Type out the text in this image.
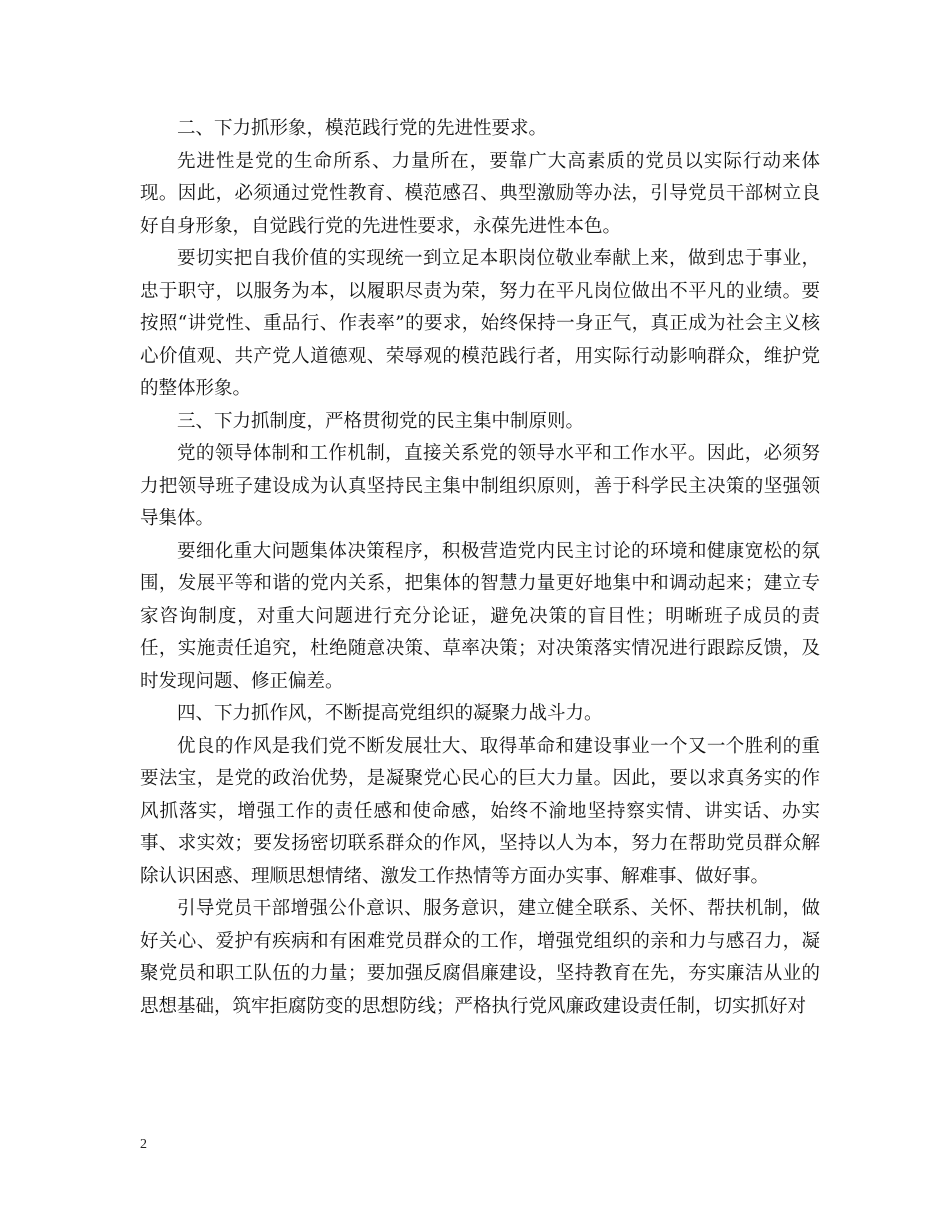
二、下力抓形象，模范践行党的先进性要求。

先进性是党的生命所系、力量所在，要靠广大高素质的党员以实际行动来体现。因此，必须通过党性教育、模范感召、典型激励等办法，引导党员干部树立良好自身形象，自觉践行党的先进性要求，永葆先进性本色。

要切实把自我价值的实现统一到立足本职岗位敬业奉献上来，做到忠于事业，忠于职守，以服务为本，以履职尽责为荣，努力在平凡岗位做出不平凡的业绩。要按照“讲党性、重品行、作表率”的要求，始终保持一身正气，真正成为社会主义核心价值观、共产党人道德观、荣辱观的模范践行者，用实际行动影响群众，维护党的整体形象。

三、下力抓制度，严格贯彻党的民主集中制原则。

党的领导体制和工作机制，直接关系党的领导水平和工作水平。因此，必须努力把领导班子建设成为认真坚持民主集中制组织原则，善于科学民主决策的坚强领导集体。

要细化重大问题集体决策程序，积极营造党内民主讨论的环境和健康宽松的氛围，发展平等和谐的党内关系，把集体的智慧力量更好地集中和调动起来；建立专家咨询制度，对重大问题进行充分论证，避免决策的盲目性；明晰班子成员的责任，实施责任追究，杜绝随意决策、草率决策；对决策落实情况进行跟踪反馈，及时发现问题、修正偏差。

四、下力抓作风，不断提高党组织的凝聚力战斗力。

优良的作风是我们党不断发展壮大、取得革命和建设事业一个又一个胜利的重要法宝，是党的政治优势，是凝聚党心民心的巨大力量。因此，要以求真务实的作风抓落实，增强工作的责任感和使命感，始终不渝地坚持察实情、讲实话、办实事、求实效；要发扬密切联系群众的作风，坚持以人为本，努力在帮助党员群众解除认识困惑、理顺思想情绪、激发工作热情等方面办实事、解难事、做好事。

引导党员干部增强公仆意识、服务意识，建立健全联系、关怀、帮扶机制，做好关心、爱护有疾病和有困难党员群众的工作，增强党组织的亲和力与感召力，凝聚党员和职工队伍的力量；要加强反腐倡廉建设，坚持教育在先，夯实廉洁从业的思想基础，筑牢拒腐防变的思想防线；严格执行党风廉政建设责任制，切实抓好对

2
